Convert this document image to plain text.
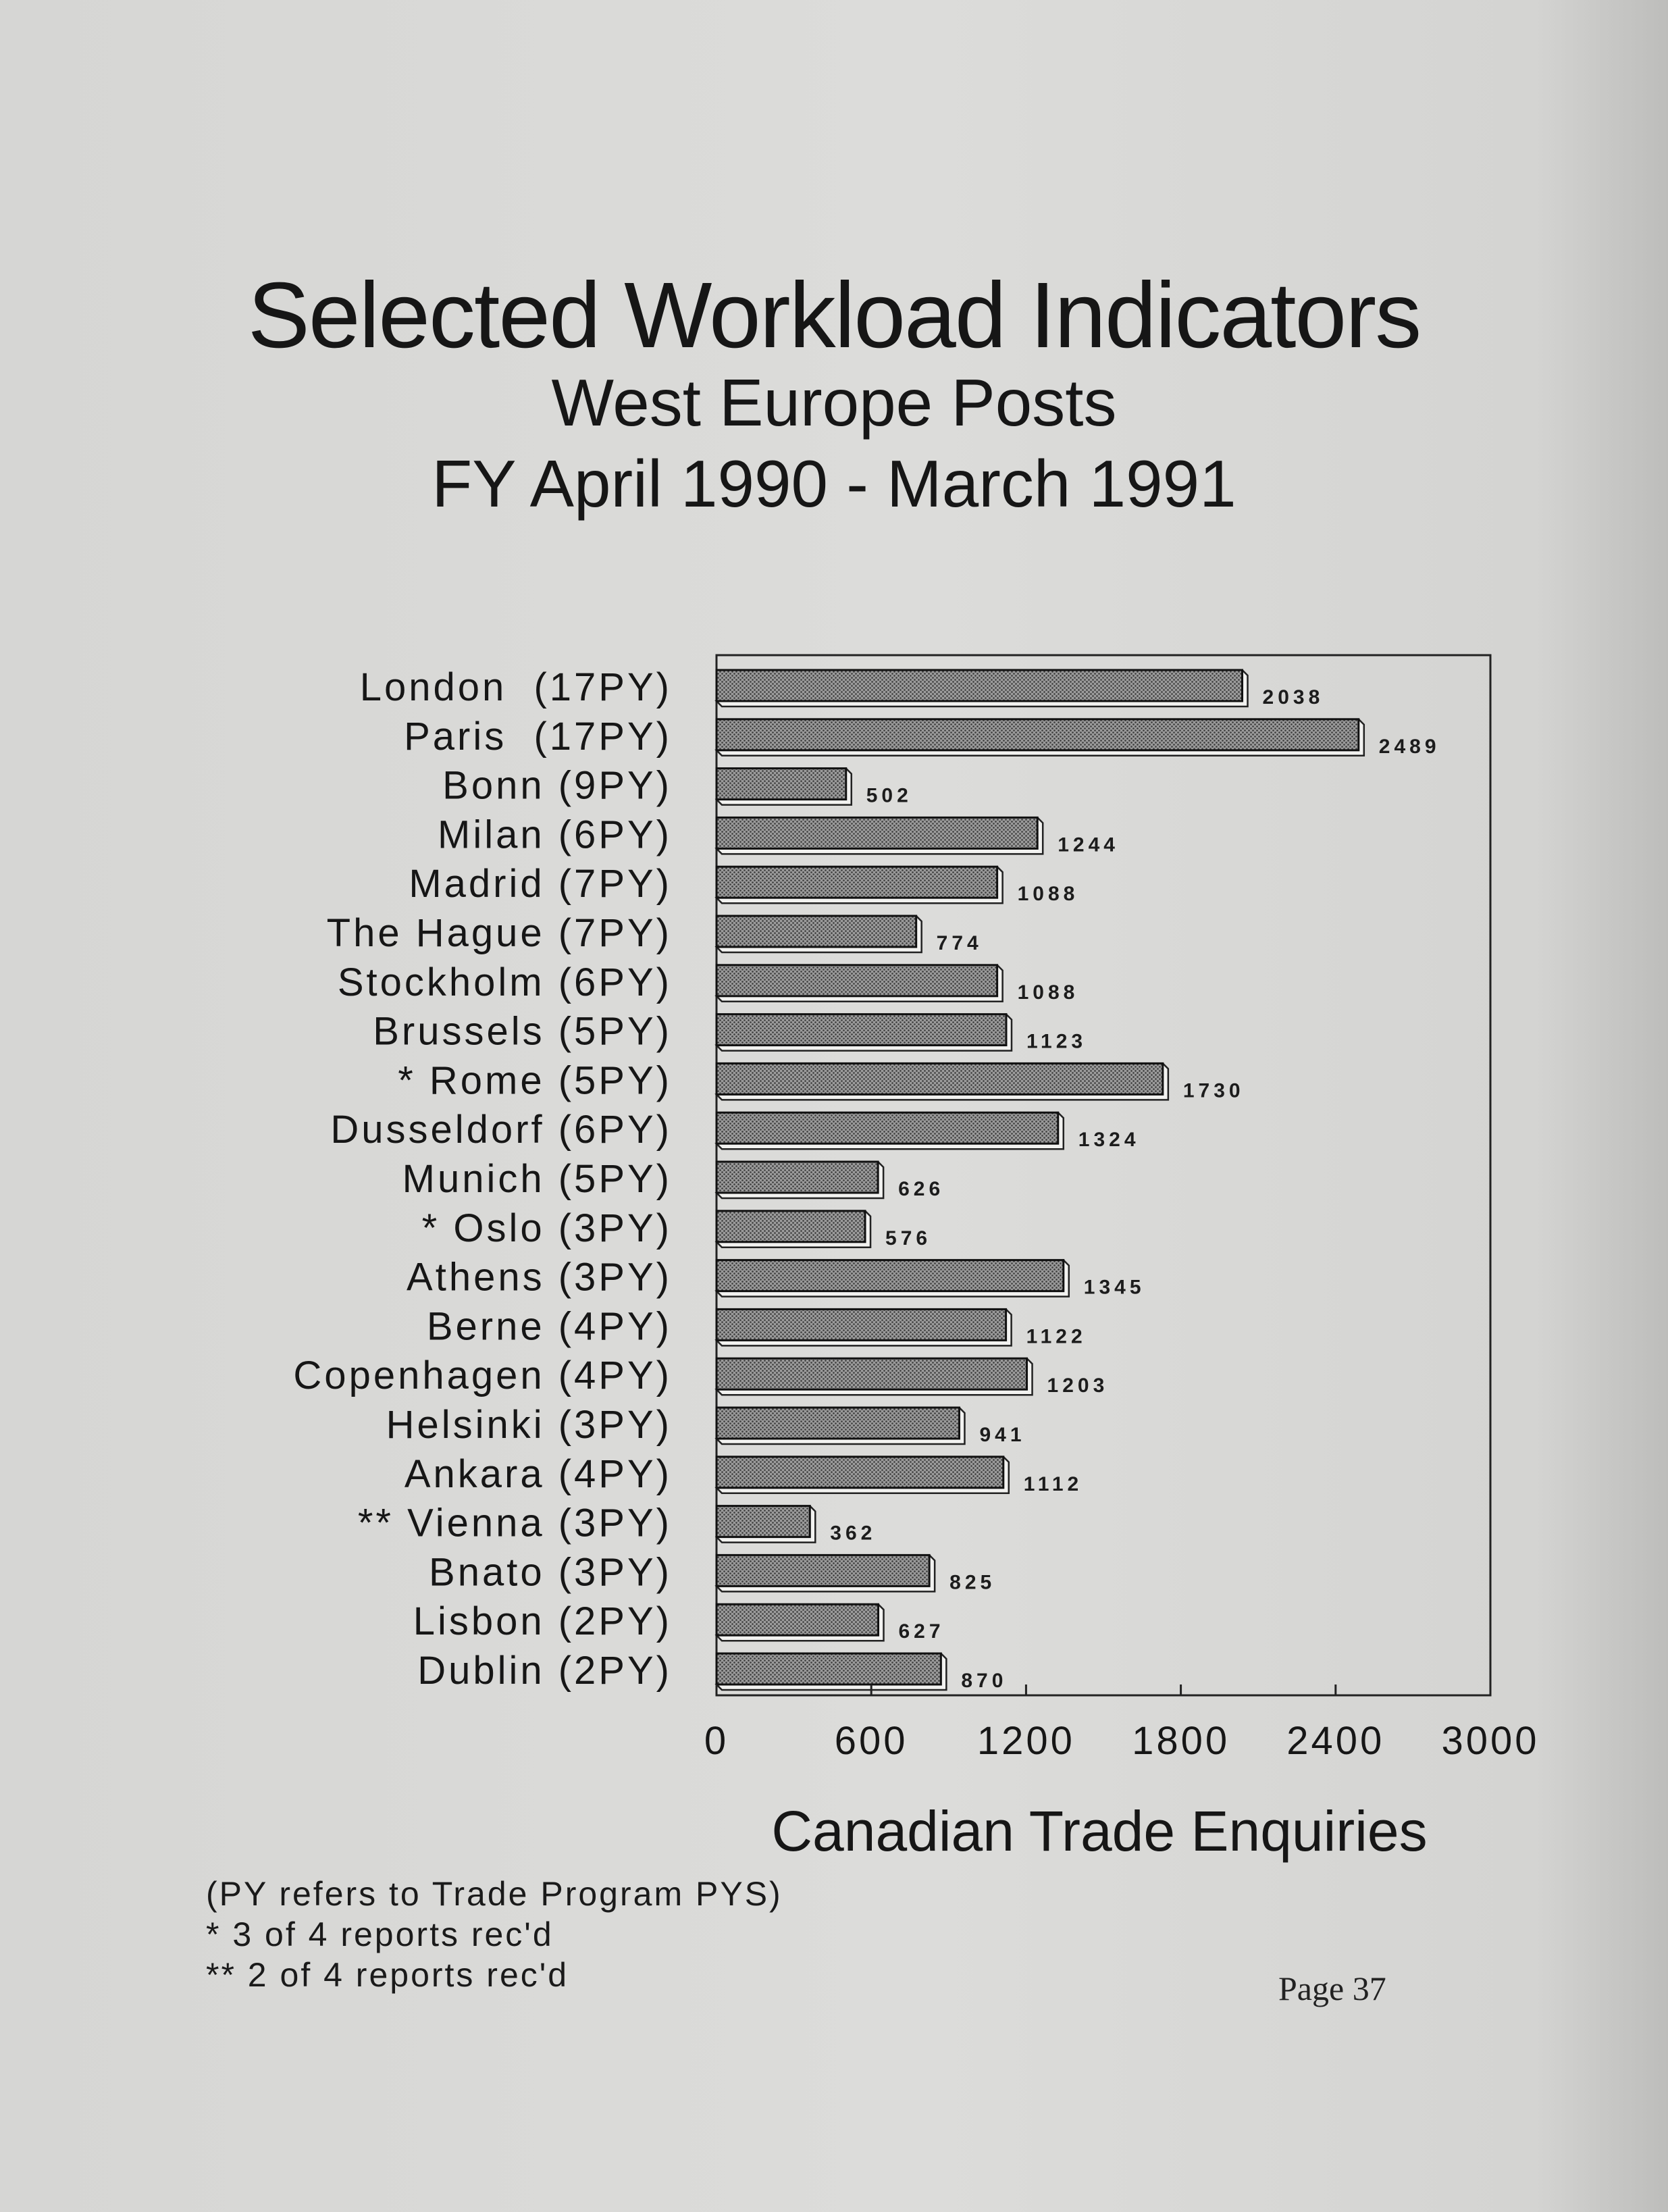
Selected Workload Indicators
West Europe Posts
FY April 1990 - March 1991
London  (17PY)
Paris  (17PY)
Bonn (9PY)
Milan (6PY)
Madrid (7PY)
The Hague (7PY)
Stockholm (6PY)
Brussels (5PY)
* Rome (5PY)
Dusseldorf (6PY)
Munich (5PY)
* Oslo (3PY)
Athens (3PY)
Berne (4PY)
Copenhagen (4PY)
Helsinki (3PY)
Ankara (4PY)
** Vienna (3PY)
Bnato (3PY)
Lisbon (2PY)
Dublin (2PY)
2038
2489
502
1244
1088
774
1088
1123
1730
1324
626
576
1345
1122
1203
941
1112
362
825
627
870
0	600 1200 1800 2400 3000
Canadian Trade Enquiries
(PY refers to Trade Program PYS)
* 3 of 4 reports rec'd
** 2 of 4 reports rec'd	Page 37
